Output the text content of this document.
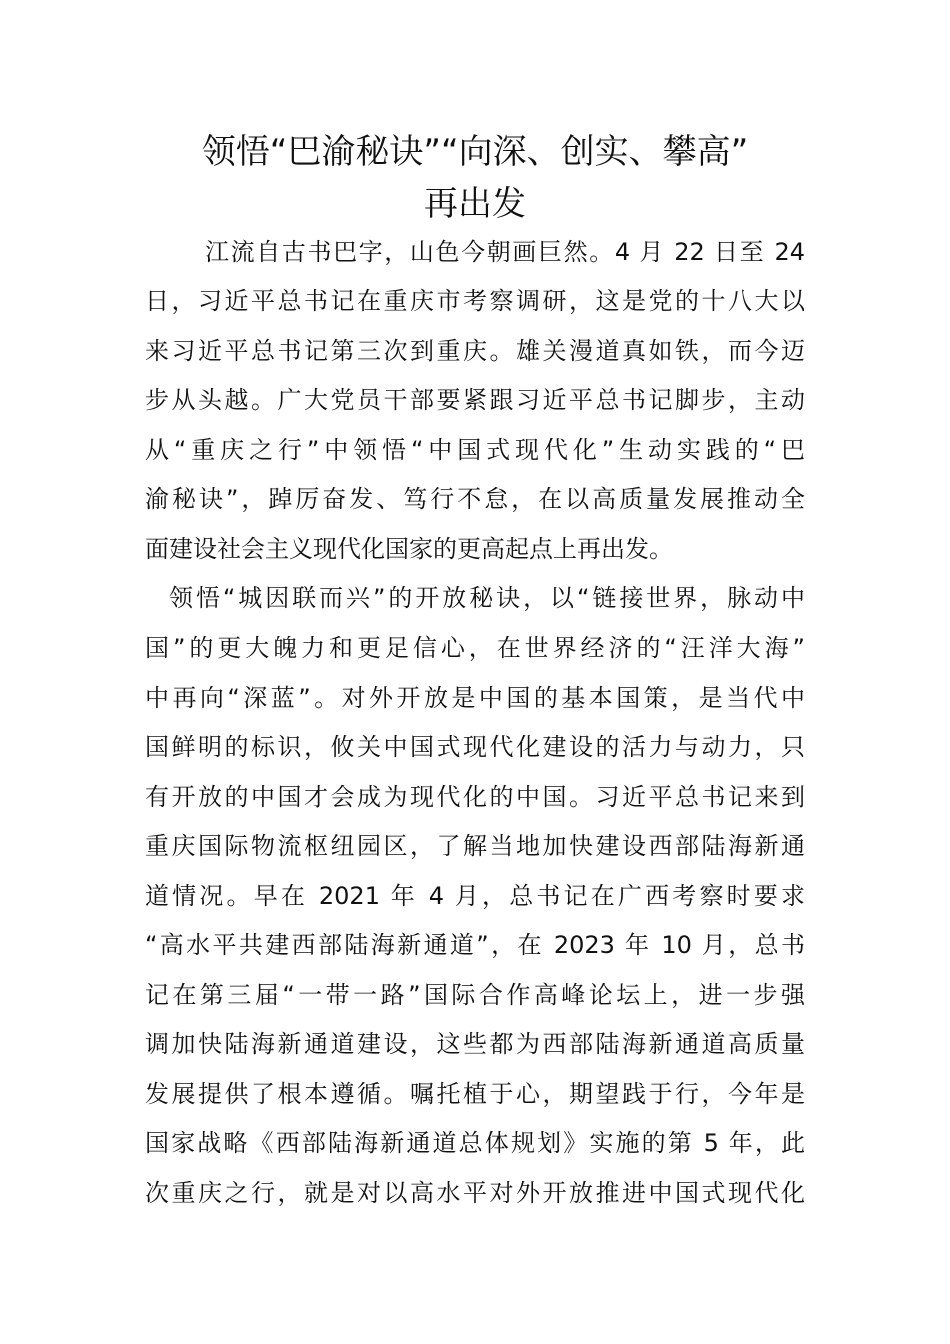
领悟“巴渝秘诀”“向深、创实、攀高”
再出发
江流自古书巴字，山色今朝画巨然。4 月 22 日至 24
日，习近平总书记在重庆市考察调研，这是党的十八大以
来习近平总书记第三次到重庆。雄关漫道真如铁，而今迈
步从头越。广大党员干部要紧跟习近平总书记脚步，主动
从“重庆之行”中领悟“中国式现代化”生动实践的“巴
渝秘诀”，踔厉奋发、笃行不怠，在以高质量发展推动全
面建设社会主义现代化国家的更高起点上再出发。
领悟“城因联而兴”的开放秘诀，以“链接世界，脉动中
国”的更大魄力和更足信心，在世界经济的“汪洋大海”
中再向“深蓝”。对外开放是中国的基本国策，是当代中
国鲜明的标识，攸关中国式现代化建设的活力与动力，只
有开放的中国才会成为现代化的中国。习近平总书记来到
重庆国际物流枢纽园区，了解当地加快建设西部陆海新通
道情况。早在 2021 年 4 月，总书记在广西考察时要求
“高水平共建西部陆海新通道”，在 2023 年 10 月，总书
记在第三届“一带一路”国际合作高峰论坛上，进一步强
调加快陆海新通道建设，这些都为西部陆海新通道高质量
发展提供了根本遵循。嘱托植于心，期望践于行，今年是
国家战略《西部陆海新通道总体规划》实施的第 5 年，此
次重庆之行，就是对以高水平对外开放推进中国式现代化
